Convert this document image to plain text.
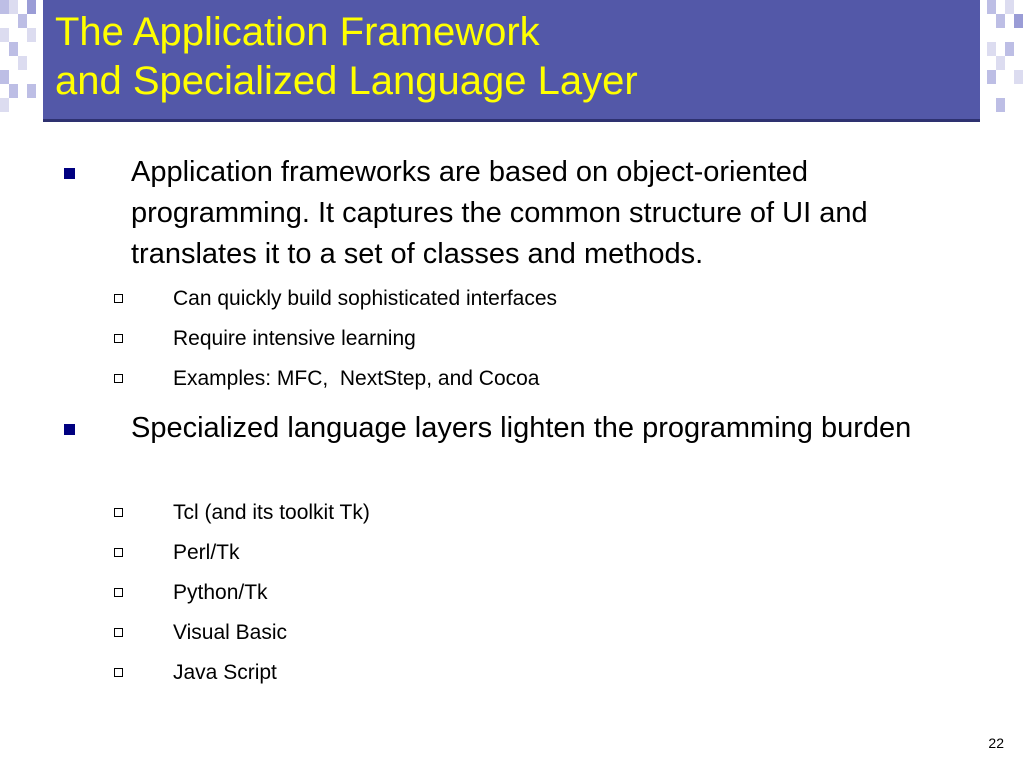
The Application Framework
and Specialized Language Layer
Application frameworks are based on object-oriented programming. It captures the common structure of UI and translates it to a set of classes and methods.
Can quickly build sophisticated interfaces
Require intensive learning
Examples: MFC,  NextStep, and Cocoa
Specialized language layers lighten the programming burden
Tcl (and its toolkit Tk)
Perl/Tk
Python/Tk
Visual Basic
Java Script
22
